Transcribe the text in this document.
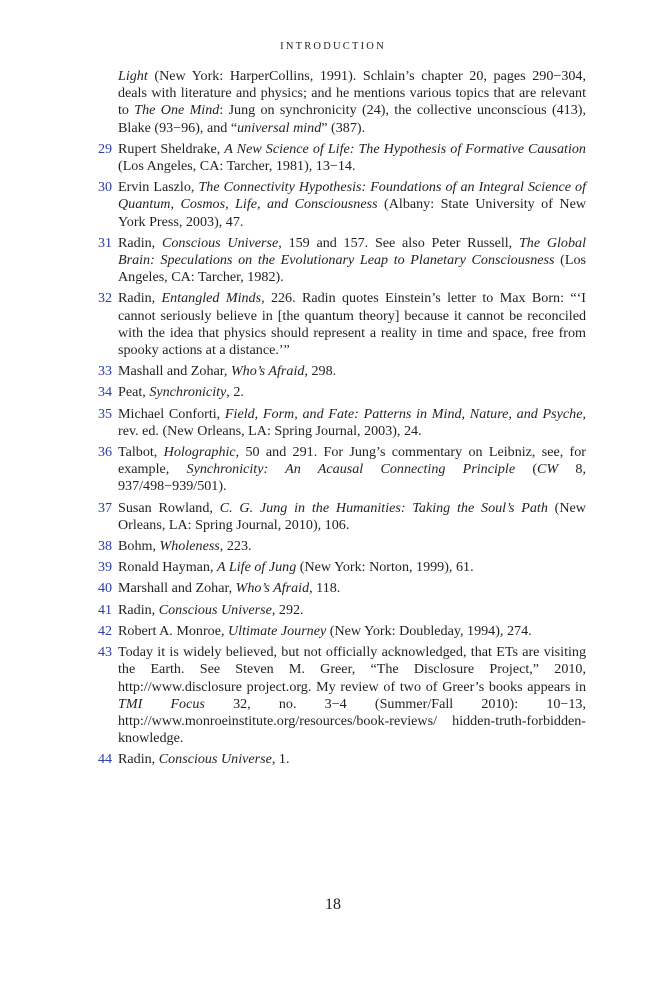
INTRODUCTION
Light (New York: HarperCollins, 1991). Schlain’s chapter 20, pages 290−304, deals with literature and physics; and he mentions various topics that are relevant to The One Mind: Jung on synchronicity (24), the collective unconscious (413), Blake (93−96), and “universal mind” (387).
29 Rupert Sheldrake, A New Science of Life: The Hypothesis of Formative Causation (Los Angeles, CA: Tarcher, 1981), 13−14.
30 Ervin Laszlo, The Connectivity Hypothesis: Foundations of an Integral Science of Quantum, Cosmos, Life, and Consciousness (Albany: State University of New York Press, 2003), 47.
31 Radin, Conscious Universe, 159 and 157. See also Peter Russell, The Global Brain: Speculations on the Evolutionary Leap to Planetary Consciousness (Los Angeles, CA: Tarcher, 1982).
32 Radin, Entangled Minds, 226. Radin quotes Einstein’s letter to Max Born: “‘I cannot seriously believe in [the quantum theory] because it cannot be reconciled with the idea that physics should represent a reality in time and space, free from spooky actions at a distance.’”
33 Mashall and Zohar, Who’s Afraid, 298.
34 Peat, Synchronicity, 2.
35 Michael Conforti, Field, Form, and Fate: Patterns in Mind, Nature, and Psyche, rev. ed. (New Orleans, LA: Spring Journal, 2003), 24.
36 Talbot, Holographic, 50 and 291. For Jung’s commentary on Leibniz, see, for example, Synchronicity: An Acausal Connecting Principle (CW 8, 937/498−939/501).
37 Susan Rowland, C. G. Jung in the Humanities: Taking the Soul’s Path (New Orleans, LA: Spring Journal, 2010), 106.
38 Bohm, Wholeness, 223.
39 Ronald Hayman, A Life of Jung (New York: Norton, 1999), 61.
40 Marshall and Zohar, Who’s Afraid, 118.
41 Radin, Conscious Universe, 292.
42 Robert A. Monroe, Ultimate Journey (New York: Doubleday, 1994), 274.
43 Today it is widely believed, but not officially acknowledged, that ETs are visiting the Earth. See Steven M. Greer, “The Disclosure Project,” 2010, http://www.disclosure project.org. My review of two of Greer’s books appears in TMI Focus 32, no. 3−4 (Summer/Fall 2010): 10−13, http://www.monroeinstitute.org/resources/book-reviews/ hidden-truth-forbidden-knowledge.
44 Radin, Conscious Universe, 1.
18
